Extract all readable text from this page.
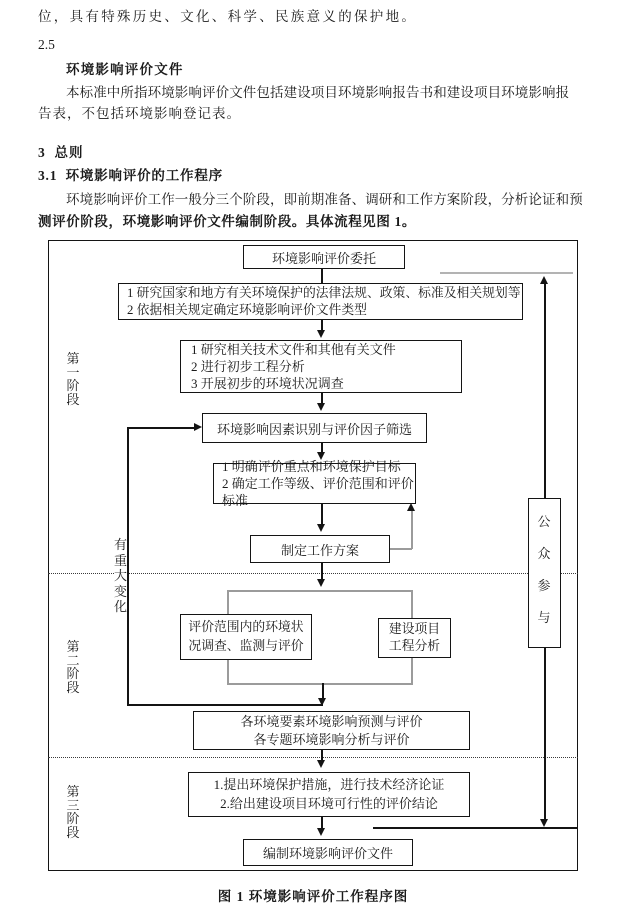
位，具有特殊历史、文化、科学、民族意义的保护地。
2.5
环境影响评价文件
本标准中所指环境影响评价文件包括建设项目环境影响报告书和建设项目环境影响报
告表，不包括环境影响登记表。
3  总则
3.1  环境影响评价的工作程序
环境影响评价工作一般分三个阶段，即前期准备、调研和工作方案阶段，分析论证和预
测评价阶段，环境影响评价文件编制阶段。具体流程见图 1。
第
一
阶
段
第
二
阶
段
第
三
阶
段
环境影响评价委托
1 研究国家和地方有关环境保护的法律法规、政策、标准及相关规划等
2 依据相关规定确定环境影响评价文件类型
1 研究相关技术文件和其他有关文件
2 进行初步工程分析
3 开展初步的环境状况调查
环境影响因素识别与评价因子筛选
1 明确评价重点和环境保护目标
2 确定工作等级、评价范围和评价标准
制定工作方案
评价范围内的环境状
况调查、监测与评价
建设项目
工程分析
各环境要素环境影响预测与评价
各专题环境影响分析与评价
1.提出环境保护措施，进行技术经济论证
2.给出建设项目环境可行性的评价结论
编制环境影响评价文件
公
众
参
与
有
重
大
变
化
图 1 环境影响评价工作程序图
